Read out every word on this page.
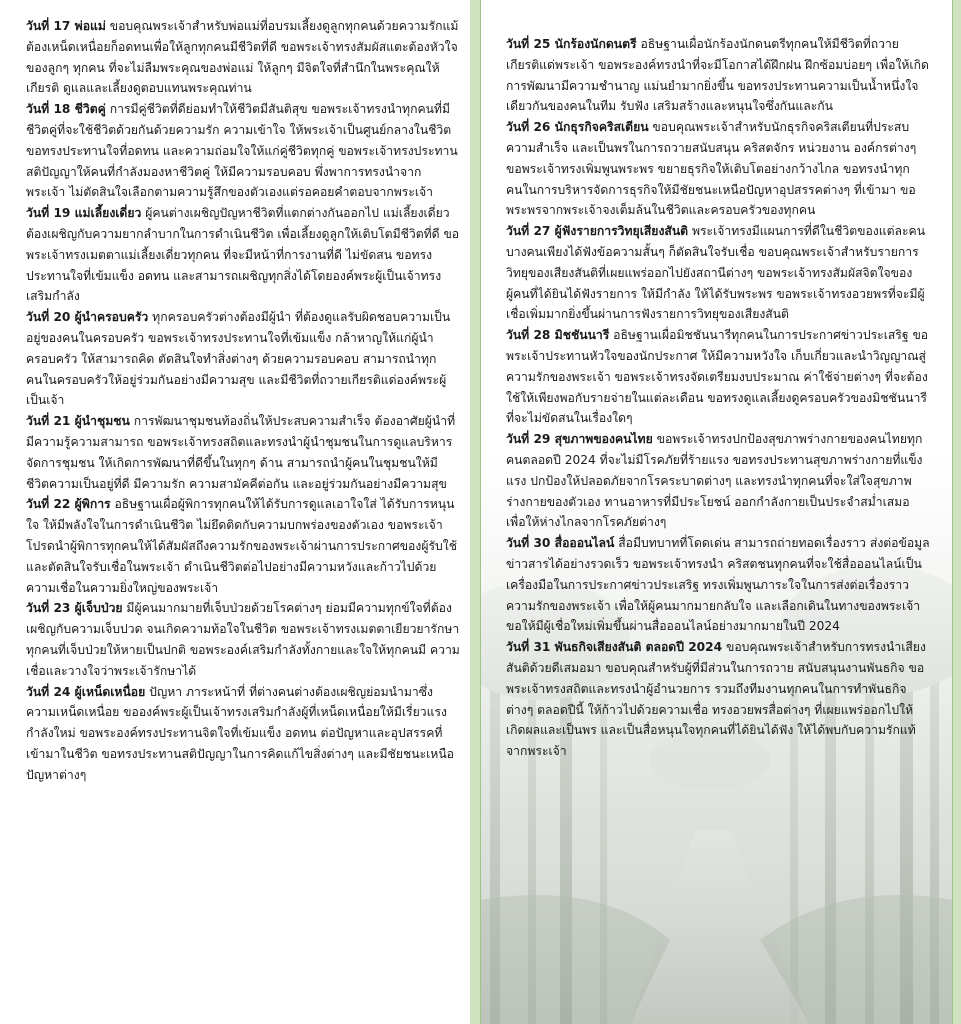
วันที่ 17 พ่อแม่ ขอบคุณพระเจ้าสำหรับพ่อแม่ที่อบรมเลี้ยงดูลูกทุกคนด้วยความรักแม้ต้องเหน็ดเหนื่อยก็อดทนเพื่อให้ลูกทุกคนมีชีวิตที่ดี ขอพระเจ้าทรงสัมผัสแตะต้องหัวใจของลูกๆ ทุกคน ที่จะไม่ลืมพระคุณของพ่อแม่ ให้ลูกๆ มีจิตใจที่สำนึกในพระคุณให้เกียรติ ดูแลและเลี้ยงดูตอบแทนพระคุณท่าน

วันที่ 18 ชีวิตคู่ การมีคู่ชีวิตที่ดีย่อมทำให้ชีวิตมีสันติสุข ขอพระเจ้าทรงนำทุกคนที่มีชีวิตคู่ที่จะใช้ชีวิตด้วยกันด้วยความรัก ความเข้าใจ ให้พระเจ้าเป็นศูนย์กลางในชีวิต ขอทรงประทานใจที่อดทน และความถ่อมใจให้แก่คู่ชีวิตทุกคู่ ขอพระเจ้าทรงประทานสติปัญญาให้คนที่กำลังมองหาชีวิตคู่ ให้มีความรอบคอบ พึ่งพาการทรงนำจากพระเจ้า ไม่ตัดสินใจเลือกตามความรู้สึกของตัวเองแต่รอคอยคำตอบจากพระเจ้า

วันที่ 19 แม่เลี้ยงเดี่ยว ผู้คนต่างเผชิญปัญหาชีวิตที่แตกต่างกันออกไป แม่เลี้ยงเดี่ยวต้องเผชิญกับความยากลำบากในการดำเนินชีวิต เพื่อเลี้ยงดูลูกให้เติบโตมีชีวิตที่ดี ขอพระเจ้าทรงเมตตาแม่เลี้ยงเดี่ยวทุกคน ที่จะมีหน้าที่การงานที่ดี ไม่ขัดสน ขอทรงประทานใจที่เข้มแข็ง อดทน และสามารถเผชิญทุกสิ่งได้โดยองค์พระผู้เป็นเจ้าทรงเสริมกำลัง

วันที่ 20 ผู้นำครอบครัว ทุกครอบครัวต่างต้องมีผู้นำ ที่ต้องดูแลรับผิดชอบความเป็นอยู่ของคนในครอบครัว ขอพระเจ้าทรงประทานใจที่เข้มแข็ง กล้าหาญให้แก่ผู้นำครอบครัว ให้สามารถคิด ตัดสินใจทำสิ่งต่างๆ ด้วยความรอบคอบ สามารถนำทุกคนในครอบครัวให้อยู่ร่วมกันอย่างมีความสุข และมีชีวิตที่ถวายเกียรติแด่องค์พระผู้เป็นเจ้า

วันที่ 21 ผู้นำชุมชน การพัฒนาชุมชนท้องถิ่นให้ประสบความสำเร็จ ต้องอาศัยผู้นำที่มีความรู้ความสามารถ ขอพระเจ้าทรงสถิตและทรงนำผู้นำชุมชนในการดูแลบริหารจัดการชุมชน ให้เกิดการพัฒนาที่ดีขึ้นในทุกๆ ด้าน สามารถนำผู้คนในชุมชนให้มีชีวิตความเป็นอยู่ที่ดี มีความรัก ความสามัคคีต่อกัน และอยู่ร่วมกันอย่างมีความสุข

วันที่ 22 ผู้พิการ อธิษฐานเผื่อผู้พิการทุกคนให้ได้รับการดูแลเอาใจใส่ ได้รับการหนุนใจ ให้มีพลังใจในการดำเนินชีวิต ไม่ยึดติดกับความบกพร่องของตัวเอง ขอพระเจ้าโปรดนำผู้พิการทุกคนให้ได้สัมผัสถึงความรักของพระเจ้าผ่านการประกาศของผู้รับใช้ และตัดสินใจรับเชื่อในพระเจ้า ดำเนินชีวิตต่อไปอย่างมีความหวังและก้าวไปด้วยความเชื่อในความยิ่งใหญ่ของพระเจ้า

วันที่ 23 ผู้เจ็บป่วย มีผู้คนมากมายที่เจ็บป่วยด้วยโรคต่างๆ ย่อมมีความทุกข์ใจที่ต้องเผชิญกับความเจ็บปวด จนเกิดความท้อใจในชีวิต ขอพระเจ้าทรงเมตตาเยียวยารักษาทุกคนที่เจ็บป่วยให้หายเป็นปกติ ขอพระองค์เสริมกำลังทั้งกายและใจให้ทุกคนมี ความเชื่อและวางใจว่าพระเจ้ารักษาได้

วันที่ 24 ผู้เหน็ดเหนื่อย ปัญหา ภาระหน้าที่ ที่ต่างคนต่างต้องเผชิญย่อมนำมาซึ่งความเหน็ดเหนื่อย ขอองค์พระผู้เป็นเจ้าทรงเสริมกำลังผู้ที่เหน็ดเหนื่อยให้มีเรี่ยวแรงกำลังใหม่ ขอพระองค์ทรงประทานจิตใจที่เข้มแข็ง อดทน ต่อปัญหาและอุปสรรคที่เข้ามาในชีวิต ขอทรงประทานสติปัญญาในการคิดแก้ไขสิ่งต่างๆ และมีชัยชนะเหนือปัญหาต่างๆ

วันที่ 25 นักร้องนักดนตรี อธิษฐานเผื่อนักร้องนักดนตรีทุกคนให้มีชีวิตที่ถวายเกียรติแด่พระเจ้า ขอพระองค์ทรงนำที่จะมีโอกาสได้ฝึกฝน ฝึกซ้อมบ่อยๆ เพื่อให้เกิดการพัฒนามีความชำนาญ แม่นยำมากยิ่งขึ้น ขอทรงประทานความเป็นน้ำหนึ่งใจเดียวกันของคนในทีม รับฟัง เสริมสร้างและหนุนใจซึ่งกันและกัน

วันที่ 26 นักธุรกิจคริสเตียน ขอบคุณพระเจ้าสำหรับนักธุรกิจคริสเตียนที่ประสบความสำเร็จ และเป็นพรในการถวายสนับสนุน คริสตจักร หน่วยงาน องค์กรต่างๆ ขอพระเจ้าทรงเพิ่มพูนพระพร ขยายธุรกิจให้เติบโตอย่างกว้างไกล ขอทรงนำทุกคนในการบริหารจัดการธุรกิจให้มีชัยชนะเหนือปัญหาอุปสรรคต่างๆ ที่เข้ามา ขอพระพรจากพระเจ้าจงเต็มล้นในชีวิตและครอบครัวของทุกคน

วันที่ 27 ผู้ฟังรายการวิทยุเสียงสันติ พระเจ้าทรงมีแผนการที่ดีในชีวิตของแต่ละคน บางคนเพียงได้ฟังข้อความสั้นๆ ก็ตัดสินใจรับเชื่อ ขอบคุณพระเจ้าสำหรับรายการวิทยุของเสียงสันติที่เผยแพร่ออกไปยังสถานีต่างๆ ขอพระเจ้าทรงสัมผัสจิตใจของผู้คนที่ได้ยินได้ฟังรายการ ให้มีกำลัง ให้ได้รับพระพร ขอพระเจ้าทรงอวยพรที่จะมีผู้เชื่อเพิ่มมากยิ่งขึ้นผ่านการฟังรายการวิทยุของเสียงสันติ

วันที่ 28 มิชชันนารี อธิษฐานเผื่อมิชชันนารีทุกคนในการประกาศข่าวประเสริฐ ขอพระเจ้าประทานหัวใจของนักประกาศ ให้มีความหวังใจ เก็บเกี่ยวและนำวิญญาณสู่ความรักของพระเจ้า ขอพระเจ้าทรงจัดเตรียมงบประมาณ ค่าใช้จ่ายต่างๆ ที่จะต้องใช้ให้เพียงพอกับรายจ่ายในแต่ละเดือน ขอทรงดูแลเลี้ยงดูครอบครัวของมิชชันนารีที่จะไม่ขัดสนในเรื่องใดๆ

วันที่ 29 สุขภาพของคนไทย ขอพระเจ้าทรงปกป้องสุขภาพร่างกายของคนไทยทุกคนตลอดปี 2024 ที่จะไม่มีโรคภัยที่ร้ายแรง ขอทรงประทานสุขภาพร่างกายที่แข็งแรง ปกป้องให้ปลอดภัยจากโรคระบาดต่างๆ และทรงนำทุกคนที่จะใส่ใจสุขภาพร่างกายของตัวเอง ทานอาหารที่มีประโยชน์ ออกกำลังกายเป็นประจำสม่ำเสมอ เพื่อให้ห่างไกลจากโรคภัยต่างๆ

วันที่ 30 สื่อออนไลน์ สื่อมีบทบาทที่โดดเด่น สามารถถ่ายทอดเรื่องราว ส่งต่อข้อมูลข่าวสารได้อย่างรวดเร็ว ขอพระเจ้าทรงนำ คริสตชนทุกคนที่จะใช้สื่อออนไลน์เป็นเครื่องมือในการประกาศข่าวประเสริฐ ทรงเพิ่มพูนภาระใจในการส่งต่อเรื่องราวความรักของพระเจ้า เพื่อให้ผู้คนมากมายกลับใจ และเลือกเดินในทางของพระเจ้า ขอให้มีผู้เชื่อใหม่เพิ่มขึ้นผ่านสื่อออนไลน์อย่างมากมายในปี 2024

วันที่ 31 พันธกิจเสียงสันติ ตลอดปี 2024 ขอบคุณพระเจ้าสำหรับการทรงนำเสียงสันติด้วยดีเสมอมา ขอบคุณสำหรับผู้ที่มีส่วนในการถวาย สนับสนุนงานพันธกิจ ขอพระเจ้าทรงสถิตและทรงนำผู้อำนวยการ รวมถึงทีมงานทุกคนในการทำพันธกิจต่างๆ ตลอดปีนี้ ให้ก้าวไปด้วยความเชื่อ ทรงอวยพรสื่อต่างๆ ที่เผยแพร่ออกไปให้เกิดผลและเป็นพร และเป็นสื่อหนุนใจทุกคนที่ได้ยินได้ฟัง ให้ได้พบกับความรักแท้จากพระเจ้า
